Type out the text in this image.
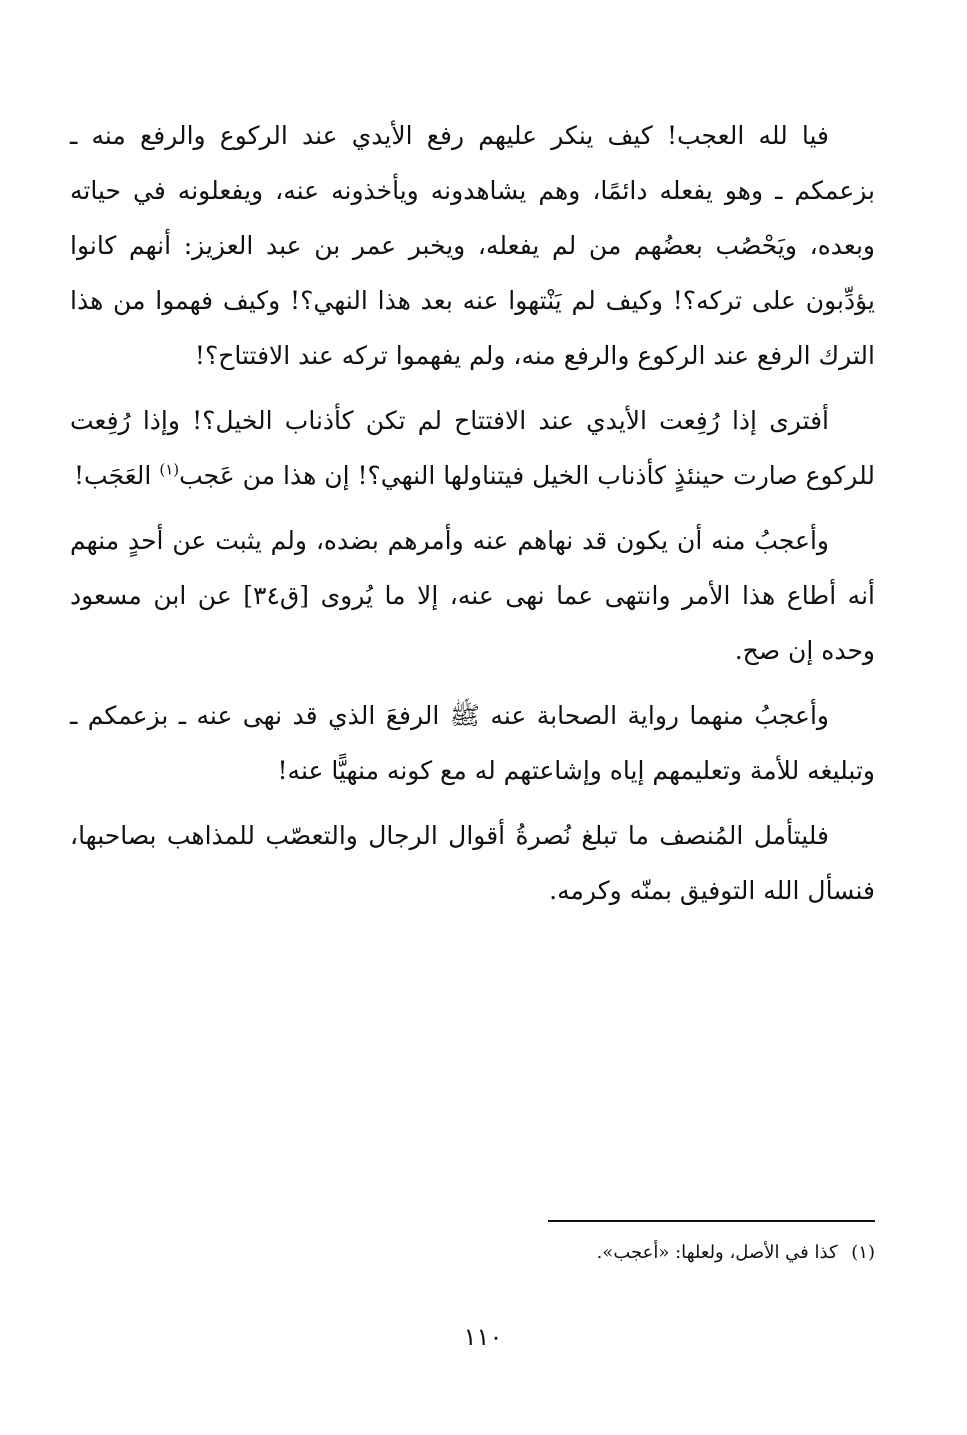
فيا لله العجب! كيف ينكر عليهم رفع الأيدي عند الركوع والرفع منه ـ بزعمكم ـ وهو يفعله دائمًا، وهم يشاهدونه ويأخذونه عنه، ويفعلونه في حياته وبعده، ويَحْصُب بعضُهم من لم يفعله، ويخبر عمر بن عبد العزيز: أنهم كانوا يؤدِّبون على تركه؟! وكيف لم يَنْتهوا عنه بعد هذا النهي؟! وكيف فهموا من هذا الترك الرفع عند الركوع والرفع منه، ولم يفهموا تركه عند الافتتاح؟!

أفترى إذا رُفِعت الأيدي عند الافتتاح لم تكن كأذناب الخيل؟! وإذا رُفِعت للركوع صارت حينئذٍ كأذناب الخيل فيتناولها النهي؟! إن هذا من عَجب$^{(١)}$ العَجَب!

وأعجبُ منه أن يكون قد نهاهم عنه وأمرهم بضده، ولم يثبت عن أحدٍ منهم أنه أطاع هذا الأمر وانتهى عما نهى عنه، إلا ما يُروى [ق٣٤] عن ابن مسعود وحده إن صح.

وأعجبُ منهما رواية الصحابة عنه ﷺ الرفعَ الذي قد نهى عنه ـ بزعمكم ـ وتبليغه للأمة وتعليمهم إياه وإشاعتهم له مع كونه منهيًّا عنه!

فليتأمل المُنصف ما تبلغ نُصرةُ أقوال الرجال والتعصّب للمذاهب بصاحبها، فنسأل الله التوفيق بمنّه وكرمه.

(١) كذا في الأصل، ولعلها: «أعجب».
١١٠
